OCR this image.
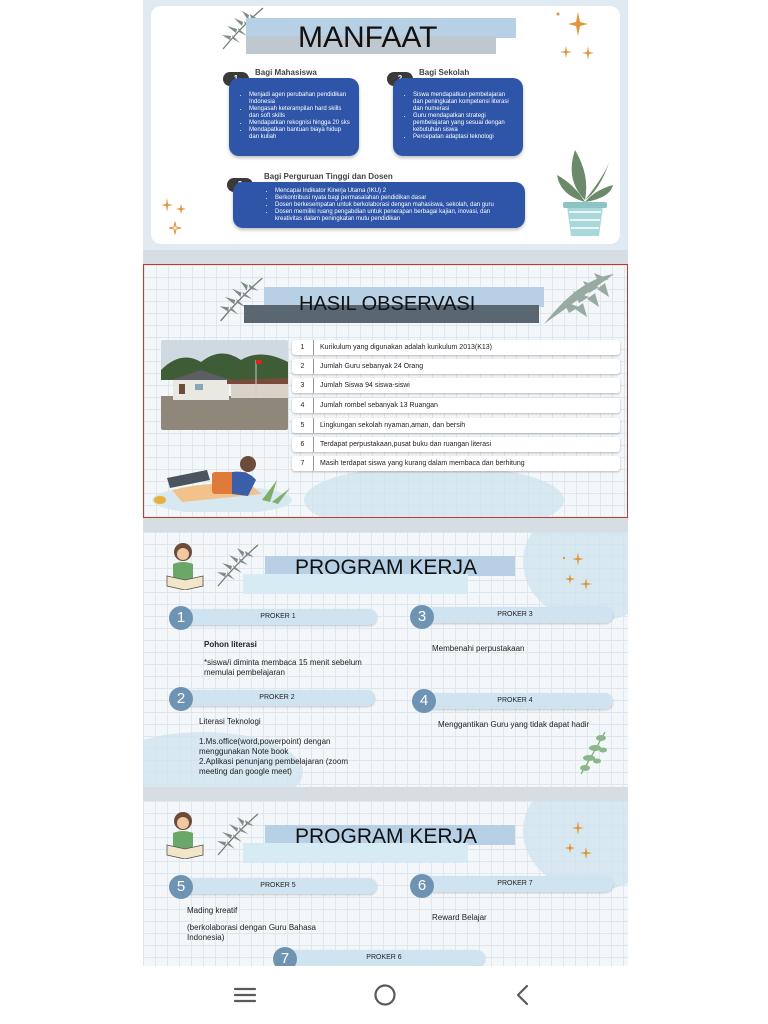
MANFAAT
Bagi Mahasiswa
• Menjadi agen perubahan pendidikan Indonesia
• Mengasah keterampilan hard skills dan soft skills
• Mendapatkan rekognisi hingga 20 sks
• Mendapatkan bantuan biaya hidup dan kuliah
Bagi Sekolah
• Siswa mendapatkan pembelajaran dan peningkatan kompetensi literasi dan numerasi
• Guru mendapatkan strategi pembelajaran yang sesuai dengan kebutuhan siswa
• Percepatan adaptasi teknologi
Bagi Perguruan Tinggi dan Dosen
• Mencapai Indikator Kinerja Utama (IKU) 2
• Berkontribusi nyata bagi permasalahan pendidikan dasar
• Dosen berkesempatan untuk berkolaborasi dengan mahasiswa, sekolah, dan guru
• Dosen memiliki ruang pengabdian untuk penerapan berbagai kajian, inovasi, dan kreativitas dalam peningkatan mutu pendidikan
HASIL OBSERVASI
1	Kurikulum yang digunakan adalah kurikulum 2013(K13)
2	Jumlah Guru sebanyak 24 Orang
3	Jumlah Siswa 94 siswa-siswi
4	Jumlah rombel sebanyak 13 Ruangan
5	Lingkungan sekolah nyaman,aman, dan bersih
6	Terdapat perpustakaan,pusat buku dan ruangan literasi
7	Masih terdapat siswa yang kurang dalam membaca dan berhitung
PROGRAM KERJA
PROKER 1
1
Pohon literasi
*siswa/i diminta membaca 15 menit sebelum memulai pembelajaran
PROKER 3
3
Membenahi perpustakaan
PROKER 2
2
Literasi Teknologi
1.Ms.office(word,powerpoint) dengan menggunakan Note book
2.Aplikasi penunjang pembelajaran (zoom meeting dan google meet)
PROKER 4
4
Menggantikan Guru yang tidak dapat hadir
PROGRAM KERJA
PROKER 5
5
Mading kreatif
(berkolaborasi dengan Guru Bahasa Indonesia)
PROKER 7
6
Reward Belajar
PROKER 6
7
